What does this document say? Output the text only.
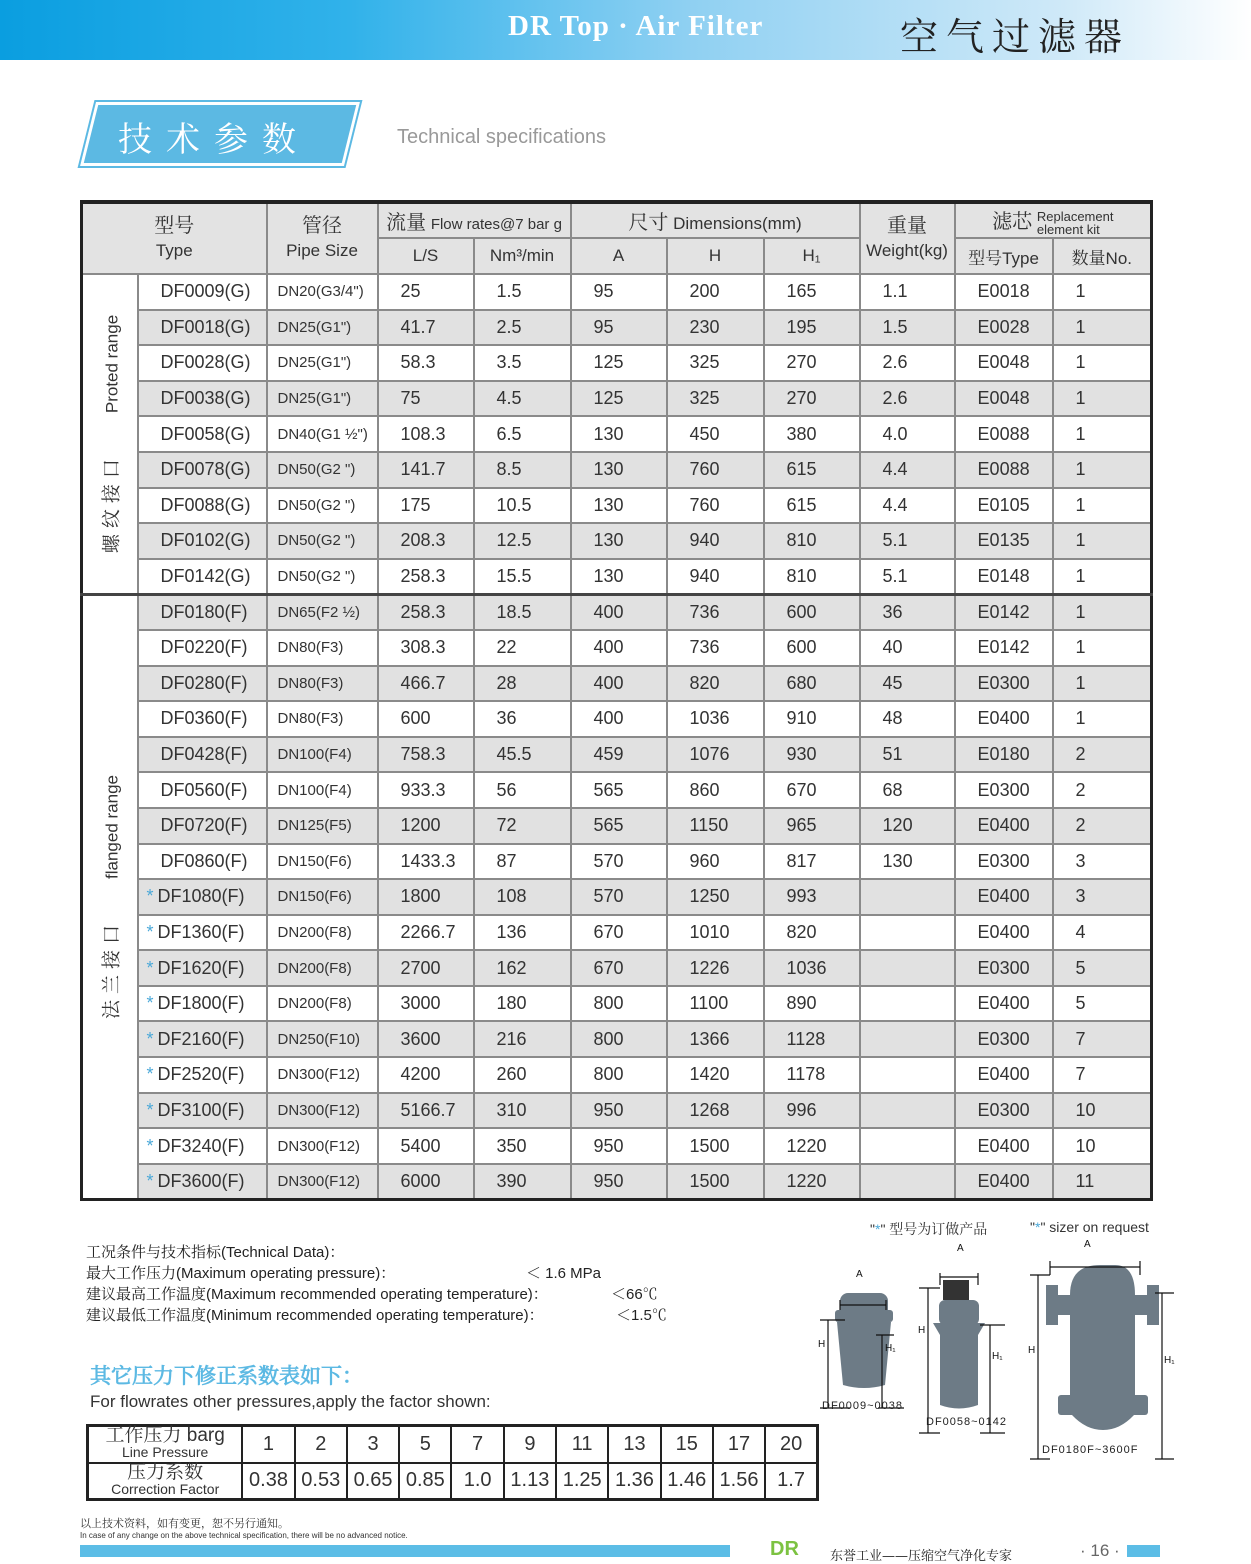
DR Top · Air Filter	空气过滤器
技术参数	Technical specifications
型号
Type		管径
Pipe Size	流量 Flow rates@7 bar g		尺寸 Dimensions(mm)			重量
Weight(kg)	滤芯 Replacement
element kit	
			L/S	Nm³/min	A	H	H₁		型号Type	数量No.

螺纹接口Proted range	DF0009(G)	DN20(G3/4")	25	1.5	95	200	165	1.1	E0018	1
	DF0018(G)	DN25(G1")	41.7	2.5	95	230	195	1.5	E0028	1
	DF0028(G)	DN25(G1")	58.3	3.5	125	325	270	2.6	E0048	1
	DF0038(G)	DN25(G1")	75	4.5	125	325	270	2.6	E0048	1
	DF0058(G)	DN40(G1 ½")	108.3	6.5	130	450	380	4.0	E0088	1
	DF0078(G)	DN50(G2 ")	141.7	8.5	130	760	615	4.4	E0088	1
	DF0088(G)	DN50(G2 ")	175	10.5	130	760	615	4.4	E0105	1
	DF0102(G)	DN50(G2 ")	208.3	12.5	130	940	810	5.1	E0135	1
	DF0142(G)	DN50(G2 ")	258.3	15.5	130	940	810	5.1	E0148	1

法兰接口flanged range	DF0180(F)	DN65(F2 ½)	258.3	18.5	400	736	600	36	E0142	1
	DF0220(F)	DN80(F3)	308.3	22	400	736	600	40	E0142	1
	DF0280(F)	DN80(F3)	466.7	28	400	820	680	45	E0300	1
	DF0360(F)	DN80(F3)	600	36	400	1036	910	48	E0400	1
	DF0428(F)	DN100(F4)	758.3	45.5	459	1076	930	51	E0180	2
	DF0560(F)	DN100(F4)	933.3	56	565	860	670	68	E0300	2
	DF0720(F)	DN125(F5)	1200	72	565	1150	965	120	E0400	2
	DF0860(F)	DN150(F6)	1433.3	87	570	960	817	130	E0300	3
	* DF1080(F)	DN150(F6)	1800	108	570	1250	993		E0400	3
	* DF1360(F)	DN200(F8)	2266.7	136	670	1010	820		E0400	4
	* DF1620(F)	DN200(F8)	2700	162	670	1226	1036		E0300	5
	* DF1800(F)	DN200(F8)	3000	180	800	1100	890		E0400	5
	* DF2160(F)	DN250(F10)	3600	216	800	1366	1128		E0300	7
	* DF2520(F)	DN300(F12)	4200	260	800	1420	1178		E0400	7
	* DF3100(F)	DN300(F12)	5166.7	310	950	1268	996		E0300	10
	* DF3240(F)	DN300(F12)	5400	350	950	1500	1220		E0400	10
	* DF3600(F)	DN300(F12)	6000	390	950	1500	1220		E0400	11
"*" 型号为订做产品	"*" sizer on request
A
H	H₁
A
H
H₁
A
H
H₁
DF0009~0038
DF0058~0142
DF0180F~3600F
工况条件与技术指标(Technical Data)：
最大工作压力(Maximum operating pressure)：	＜ 1.6 MPa
建议最高工作温度(Maximum recommended operating temperature)：	＜66℃
建议最低工作温度(Minimum recommended operating temperature)：	＜1.5℃
其它压力下修正系数表如下：
For flowrates other pressures,apply the factor shown:
工作压力 barg
Line Pressure	1	2	3	5	7	9	11	13	15	17	20
压力系数
Correction Factor	0.38	0.53	0.65	0.85	1.0	1.13	1.25	1.36	1.46	1.56	1.7
以上技术资料，如有变更，恕不另行通知。
In case of any change on the above technical specification, there will be no advanced notice.
DR 东誉工业——压缩空气净化专家	· 16 ·
